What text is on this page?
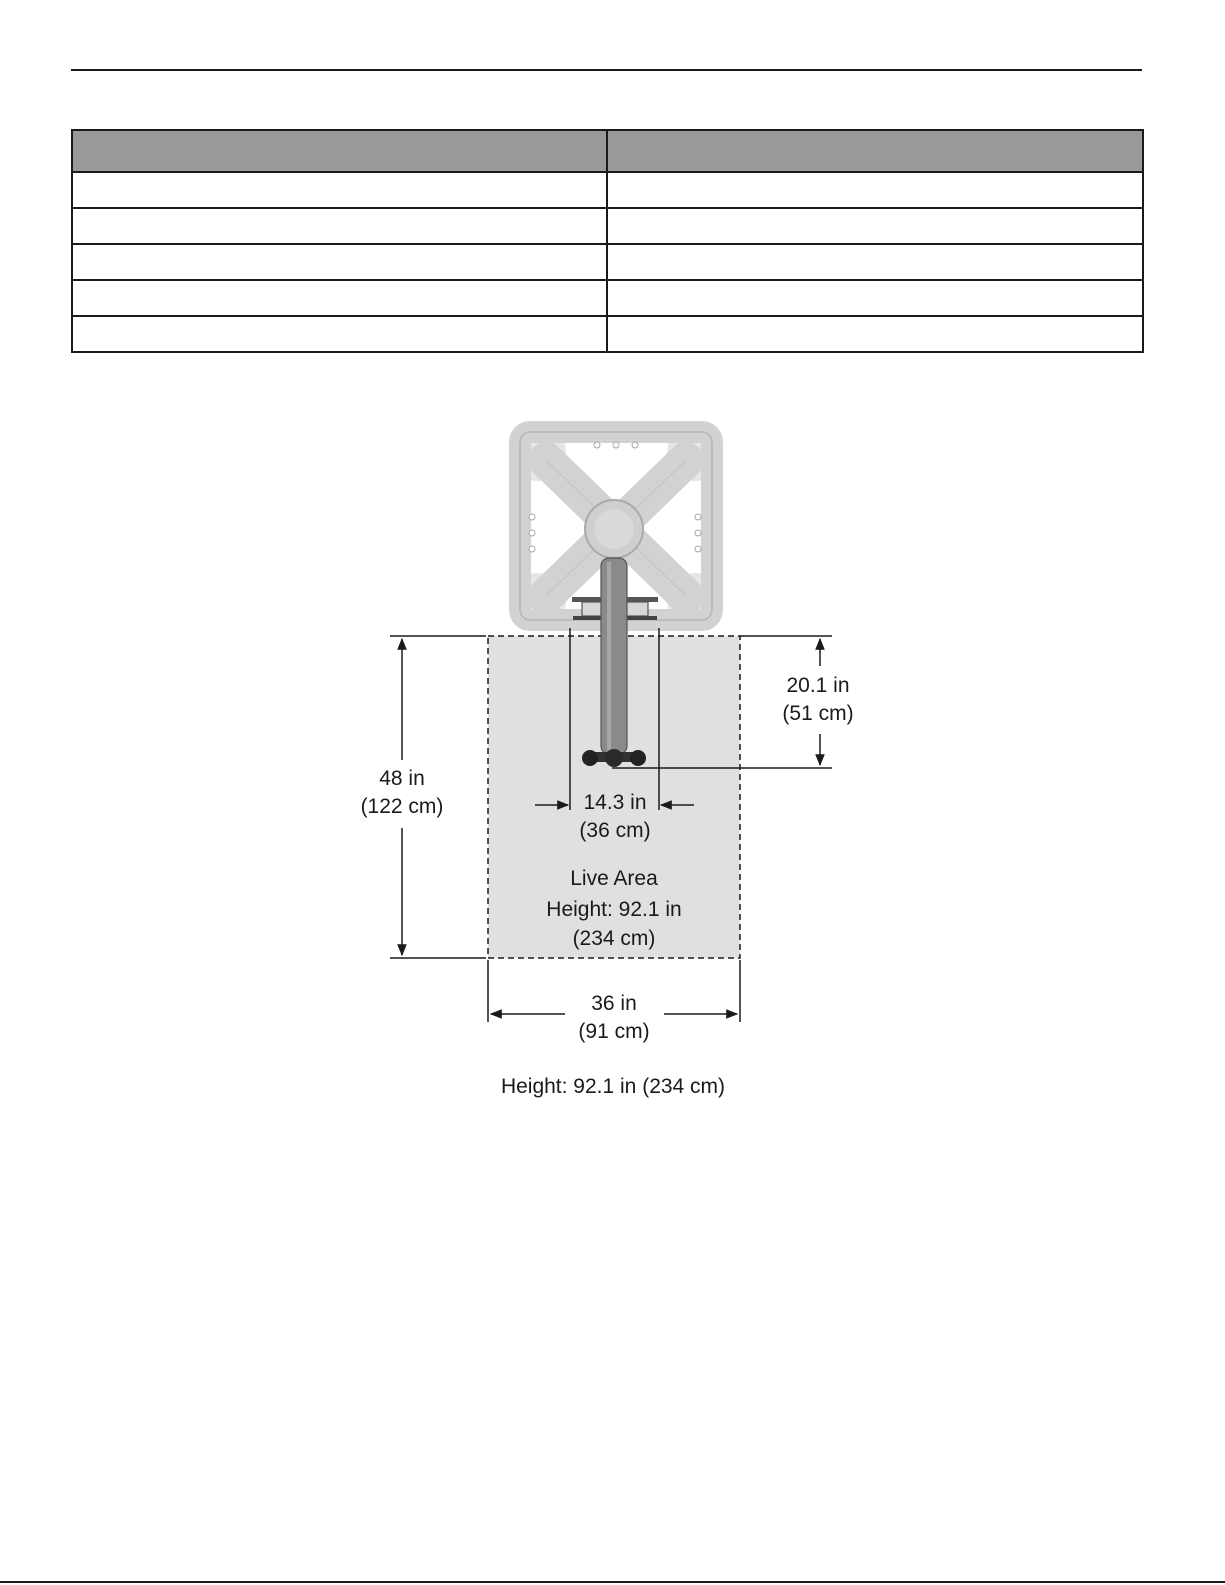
48 in
(122 cm)
20.1 in
(51 cm)
14.3 in
(36 cm)
Live Area
Height: 92.1 in
(234 cm)
36 in
(91 cm)
Height: 92.1 in (234 cm)
